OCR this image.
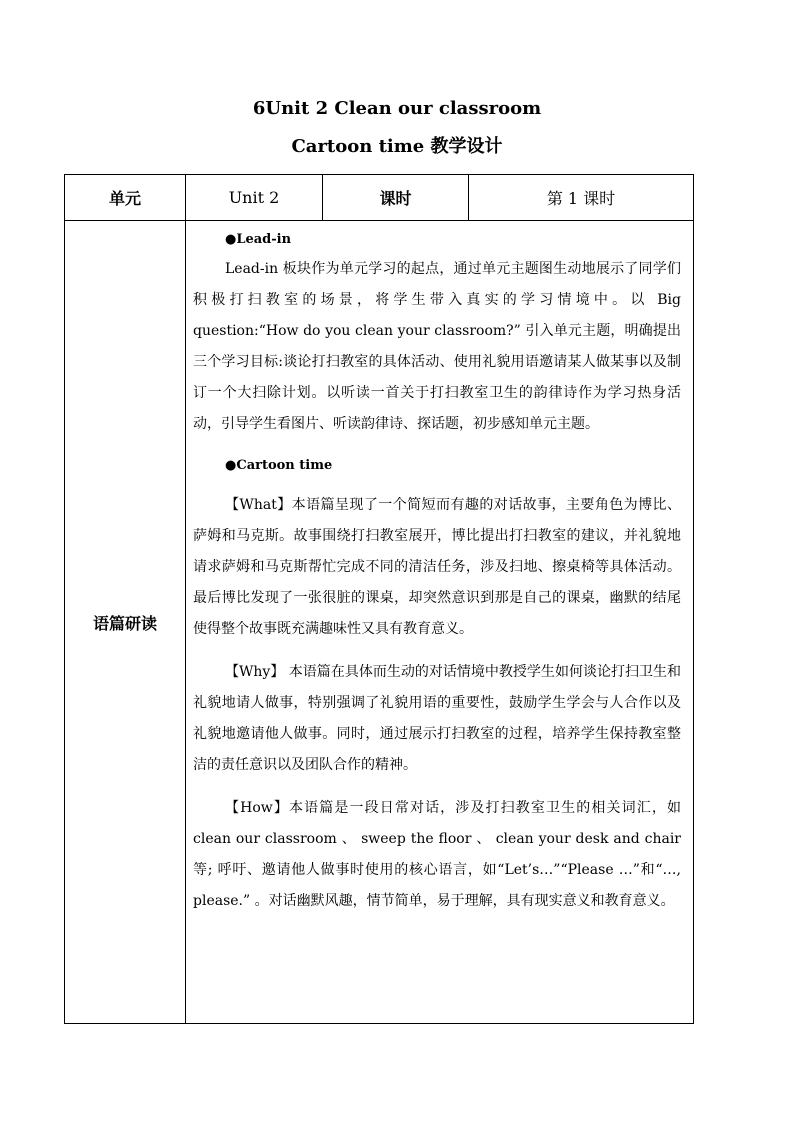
6Unit 2 Clean our classroom
Cartoon time 教学设计
单元	Unit 2	课时	第 1 课时
语篇研读

●Lead-in

Lead-in 板块作为单元学习的起点，通过单元主题图生动地展示了同学们积极打扫教室的场景，将学生带入真实的学习情境中。以 Big question:“How do you clean your classroom?” 引入单元主题，明确提出三个学习目标:谈论打扫教室的具体活动、使用礼貌用语邀请某人做某事以及制订一个大扫除计划。以听读一首关于打扫教室卫生的韵律诗作为学习热身活动，引导学生看图片、听读韵律诗、探话题，初步感知单元主题。

●Cartoon time

【What】本语篇呈现了一个简短而有趣的对话故事，主要角色为博比、萨姆和马克斯。故事围绕打扫教室展开，博比提出打扫教室的建议，并礼貌地请求萨姆和马克斯帮忙完成不同的清洁任务，涉及扫地、擦桌椅等具体活动。最后博比发现了一张很脏的课桌，却突然意识到那是自己的课桌，幽默的结尾使得整个故事既充满趣味性又具有教育意义。

【Why】 本语篇在具体而生动的对话情境中教授学生如何谈论打扫卫生和礼貌地请人做事，特别强调了礼貌用语的重要性，鼓励学生学会与人合作以及礼貌地邀请他人做事。同时，通过展示打扫教室的过程，培养学生保持教室整洁的责任意识以及团队合作的精神。

【How】本语篇是一段日常对话，涉及打扫教室卫生的相关词汇，如 clean our classroom 、 sweep the floor 、 clean your desk and chair 等; 呼吁、邀请他人做事时使用的核心语言，如“Let’s…”“Please …”和“…, please.” 。对话幽默风趣，情节简单，易于理解，具有现实意义和教育意义。
